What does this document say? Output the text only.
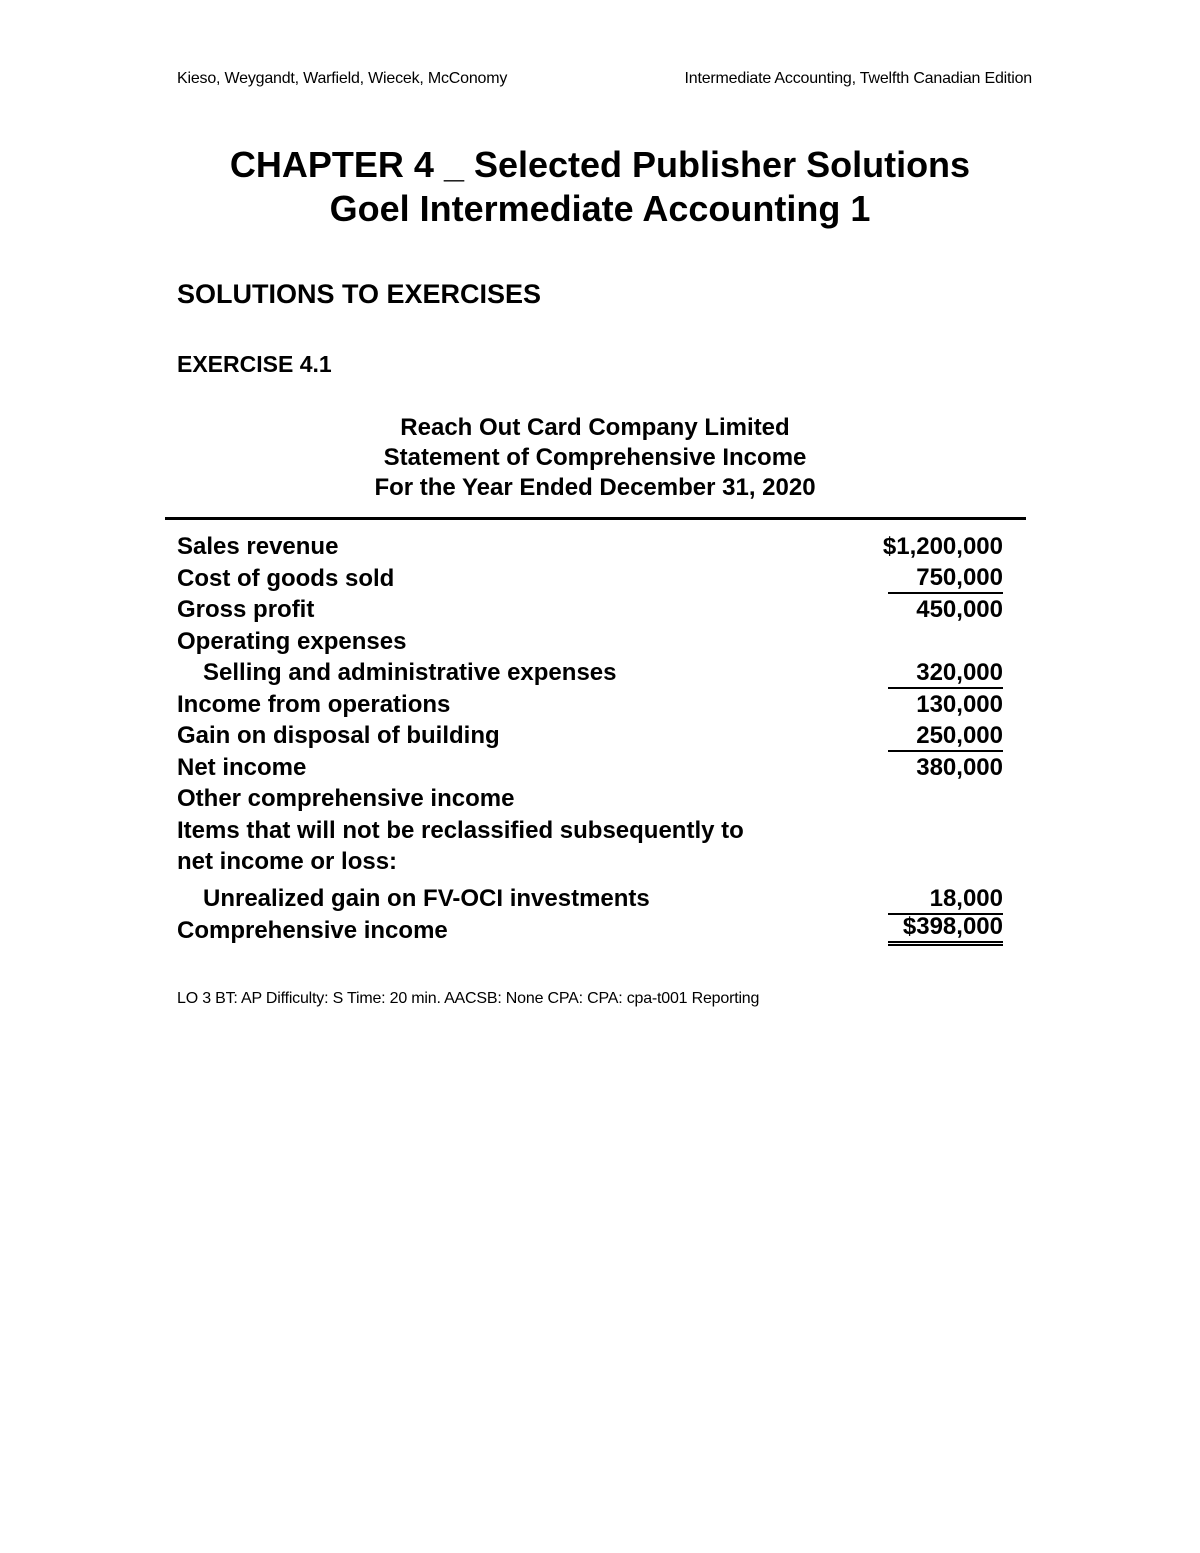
Kieso, Weygandt, Warfield, Wiecek, McConomy	Intermediate Accounting, Twelfth Canadian Edition
CHAPTER 4 _ Selected Publisher Solutions
Goel Intermediate Accounting 1
SOLUTIONS TO EXERCISES
EXERCISE 4.1
Reach Out Card Company Limited
Statement of Comprehensive Income
For the Year Ended December 31, 2020
Sales revenue	$1,200,000
Cost of goods sold	750,000
Gross profit	450,000
Operating expenses
Selling and administrative expenses	320,000
Income from operations	130,000
Gain on disposal of building	250,000
Net income	380,000
Other comprehensive income
Items that will not be reclassified subsequently to
net income or loss:
Unrealized gain on FV-OCI investments	18,000
Comprehensive income	$398,000
LO 3 BT: AP Difficulty: S Time: 20 min. AACSB: None CPA: CPA: cpa-t001 Reporting
